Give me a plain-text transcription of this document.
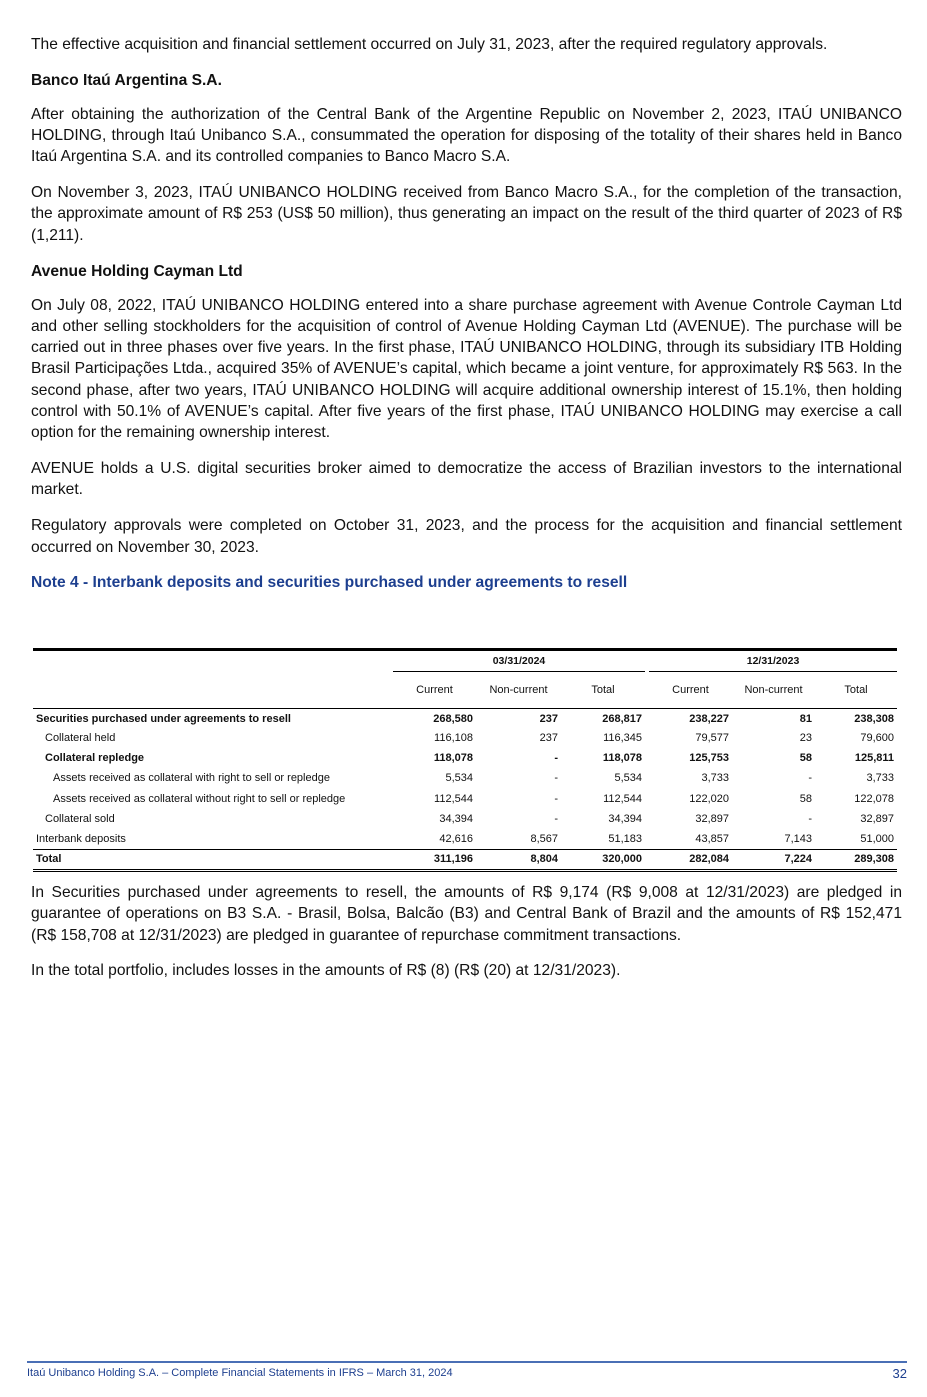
The effective acquisition and financial settlement occurred on July 31, 2023, after the required regulatory approvals.

Banco Itaú Argentina S.A.

After obtaining the authorization of the Central Bank of the Argentine Republic on November 2, 2023, ITAÚ UNIBANCO HOLDING, through Itaú Unibanco S.A., consummated the operation for disposing of the totality of their shares held in Banco Itaú Argentina S.A. and its controlled companies to Banco Macro S.A.

On November 3, 2023, ITAÚ UNIBANCO HOLDING received from Banco Macro S.A., for the completion of the transaction, the approximate amount of R$ 253 (US$ 50 million), thus generating an impact on the result of the third quarter of 2023 of R$ (1,211).

Avenue Holding Cayman Ltd

On July 08, 2022, ITAÚ UNIBANCO HOLDING entered into a share purchase agreement with Avenue Controle Cayman Ltd and other selling stockholders for the acquisition of control of Avenue Holding Cayman Ltd (AVENUE). The purchase will be carried out in three phases over five years. In the first phase, ITAÚ UNIBANCO HOLDING, through its subsidiary ITB Holding Brasil Participações Ltda., acquired 35% of AVENUE’s capital, which became a joint venture, for approximately R$ 563. In the second phase, after two years, ITAÚ UNIBANCO HOLDING will acquire additional ownership interest of 15.1%, then holding control with 50.1% of AVENUE’s capital. After five years of the first phase, ITAÚ UNIBANCO HOLDING may exercise a call option for the remaining ownership interest.

AVENUE holds a U.S. digital securities broker aimed to democratize the access of Brazilian investors to the international market.

Regulatory approvals were completed on October 31, 2023, and the process for the acquisition and financial settlement occurred on November 30, 2023.

Note 4 - Interbank deposits and securities purchased under agreements to resell
	03/31/2024				12/31/2023		
	Current	Non-current	Total		Current	Non-current	Total
Securities purchased under agreements to resell	268,580	237	268,817		238,227	81	238,308
Collateral held	116,108	237	116,345		79,577	23	79,600
Collateral repledge	118,078	-	118,078		125,753	58	125,811
Assets received as collateral with right to sell or repledge	5,534	-	5,534		3,733	-	3,733
Assets received as collateral without right to sell or repledge	112,544	-	112,544		122,020	58	122,078
Collateral sold	34,394	-	34,394		32,897	-	32,897
Interbank deposits	42,616	8,567	51,183		43,857	7,143	51,000
Total	311,196	8,804	320,000		282,084	7,224	289,308

In Securities purchased under agreements to resell, the amounts of R$ 9,174 (R$ 9,008 at 12/31/2023) are pledged in guarantee of operations on B3 S.A. - Brasil, Bolsa, Balcão (B3) and Central Bank of Brazil and the amounts of R$ 152,471 (R$ 158,708 at 12/31/2023) are pledged in guarantee of repurchase commitment transactions.

In the total portfolio, includes losses in the amounts of R$ (8) (R$ (20) at 12/31/2023).

Itaú Unibanco Holding S.A. – Complete Financial Statements in IFRS – March 31, 2024	32
